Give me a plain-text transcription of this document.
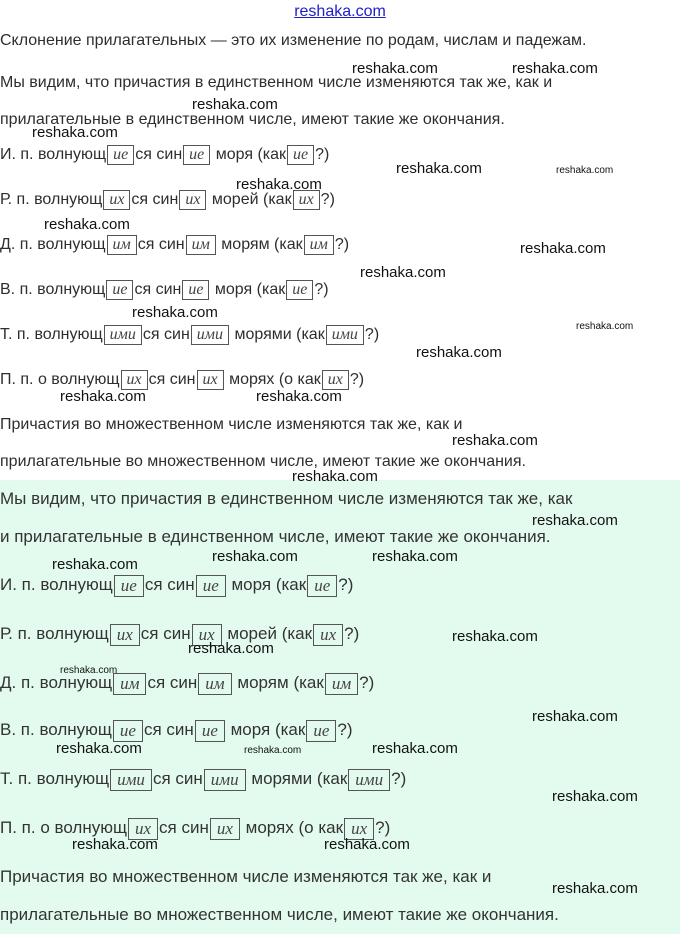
reshaka.com
Склонение прилагательных — это их изменение по родам, числам и падежам.
Мы видим, что причастия в единственном числе изменяются так же, как и
прилагательные в единственном числе, имеют такие же окончания.
И. п. волнующ ие ся син ие моря (как ие ?)
Р. п. волнующ их ся син их морей (как их ?)
Д. п. волнующ им ся син им морям (как им ?)
В. п. волнующ ие ся син ие моря (как ие ?)
Т. п. волнующ ими ся син ими морями (как ими ?)
П. п. о волнующ их ся син их морях (о как их ?)
Причастия во множественном числе изменяются так же, как и
прилагательные во множественном числе, имеют такие же окончания.
Мы видим, что причастия в единственном числе изменяются так же, как
и прилагательные в единственном числе, имеют такие же окончания.
И. п. волнующ ие ся син ие моря (как ие ?)
Р. п. волнующ их ся син их морей (как их ?)
Д. п. волнующ им ся син им морям (как им ?)
В. п. волнующ ие ся син ие моря (как ие ?)
Т. п. волнующ ими ся син ими морями (как ими ?)
П. п. о волнующ их ся син их морях (о как их ?)
Причастия во множественном числе изменяются так же, как и
прилагательные во множественном числе, имеют такие же окончания.
reshaka.com	reshaka.com
reshaka.com
reshaka.com
reshaka.com	reshaka.com
reshaka.com
reshaka.com
reshaka.com
reshaka.com
reshaka.com
reshaka.com
reshaka.com
reshaka.com	reshaka.com
reshaka.com
reshaka.com
reshaka.com
reshaka.com	reshaka.com
reshaka.com
reshaka.com
reshaka.com
reshaka.com
reshaka.com
reshaka.com	reshaka.com	reshaka.com
reshaka.com
reshaka.com	reshaka.com
reshaka.com
